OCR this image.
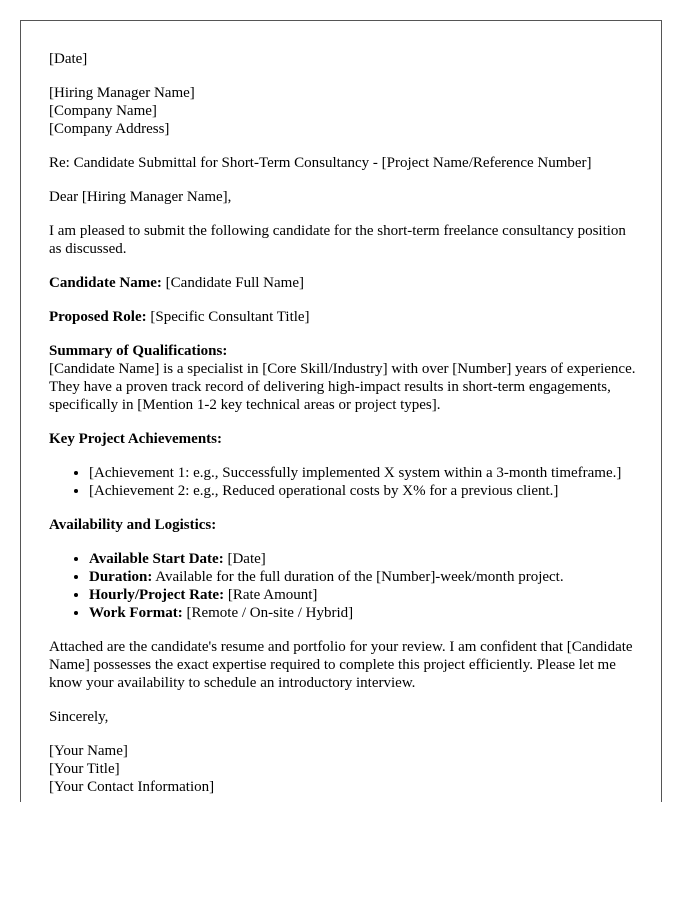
[Date]

[Hiring Manager Name]
[Company Name]
[Company Address]

Re: Candidate Submittal for Short-Term Consultancy - [Project Name/Reference Number]

Dear [Hiring Manager Name],

I am pleased to submit the following candidate for the short-term freelance consultancy position as discussed.

Candidate Name: [Candidate Full Name]

Proposed Role: [Specific Consultant Title]

Summary of Qualifications:
[Candidate Name] is a specialist in [Core Skill/Industry] with over [Number] years of experience. They have a proven track record of delivering high-impact results in short-term engagements, specifically in [Mention 1-2 key technical areas or project types].

Key Project Achievements:

• [Achievement 1: e.g., Successfully implemented X system within a 3-month timeframe.]
• [Achievement 2: e.g., Reduced operational costs by X% for a previous client.]

Availability and Logistics:

• Available Start Date: [Date]
• Duration: Available for the full duration of the [Number]-week/month project.
• Hourly/Project Rate: [Rate Amount]
• Work Format: [Remote / On-site / Hybrid]

Attached are the candidate's resume and portfolio for your review. I am confident that [Candidate Name] possesses the exact expertise required to complete this project efficiently. Please let me know your availability to schedule an introductory interview.

Sincerely,

[Your Name]
[Your Title]
[Your Contact Information]
